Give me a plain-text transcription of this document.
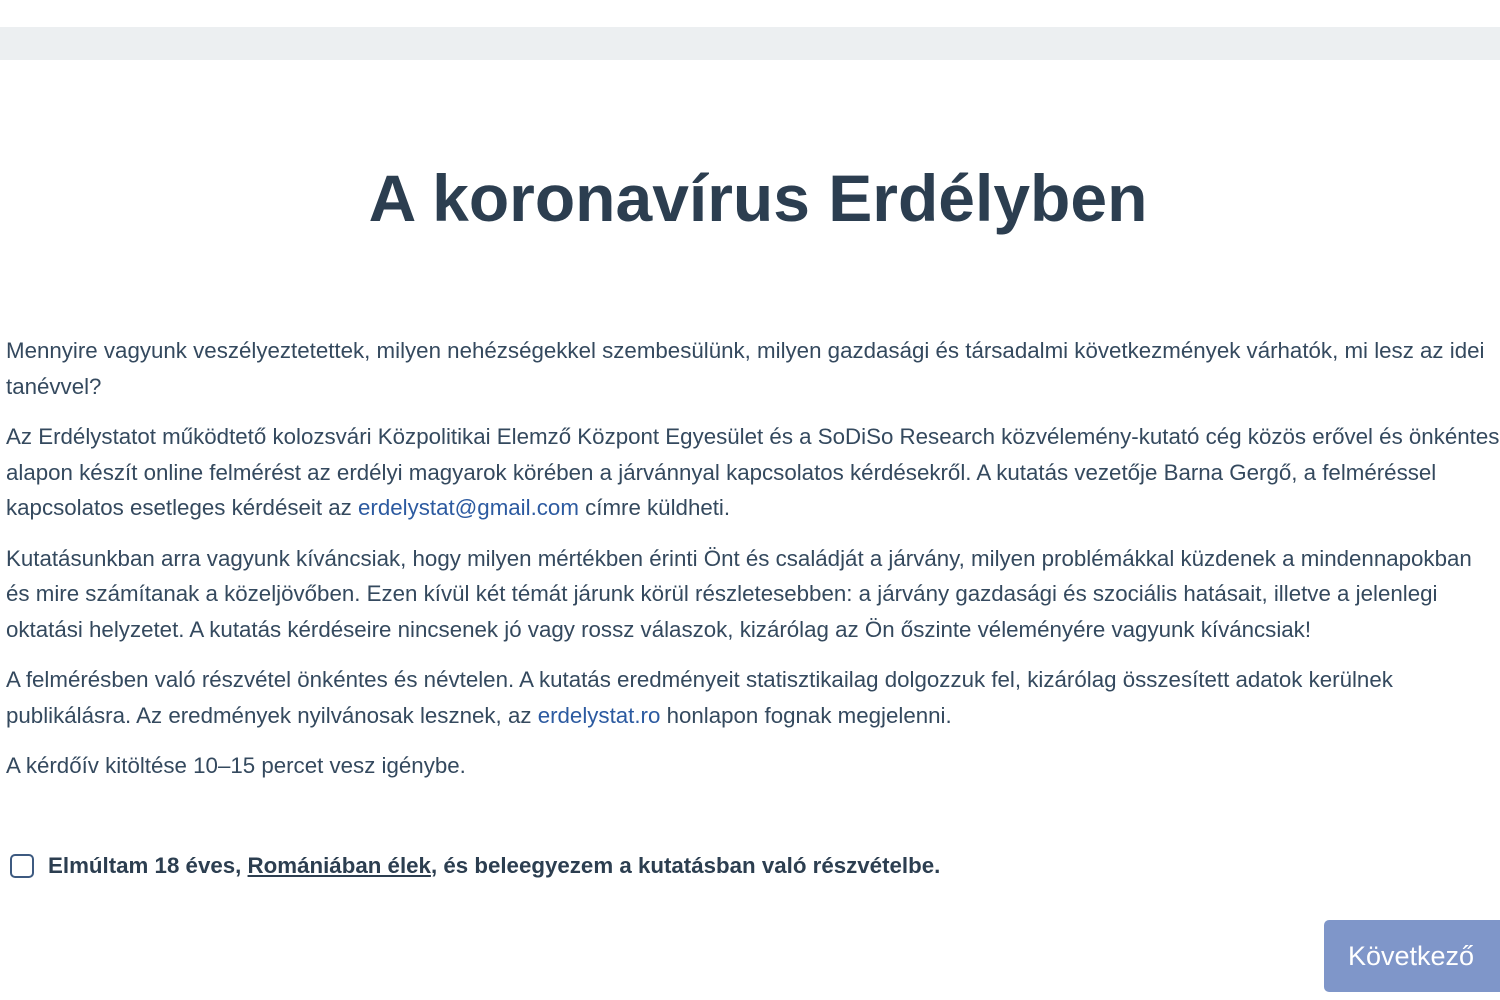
A koronavírus Erdélyben

Mennyire vagyunk veszélyeztetettek, milyen nehézségekkel szembesülünk, milyen gazdasági és társadalmi következmények várhatók, mi lesz az idei tanévvel?

Az Erdélystatot működtető kolozsvári Közpolitikai Elemző Központ Egyesület és a SoDiSo Research közvélemény-kutató cég közös erővel és önkéntes alapon készít online felmérést az erdélyi magyarok körében a járvánnyal kapcsolatos kérdésekről. A kutatás vezetője Barna Gergő, a felméréssel kapcsolatos esetleges kérdéseit az erdelystat@gmail.com címre küldheti.

Kutatásunkban arra vagyunk kíváncsiak, hogy milyen mértékben érinti Önt és családját a járvány, milyen problémákkal küzdenek a mindennapokban és mire számítanak a közeljövőben. Ezen kívül két témát járunk körül részletesebben: a járvány gazdasági és szociális hatásait, illetve a jelenlegi oktatási helyzetet. A kutatás kérdéseire nincsenek jó vagy rossz válaszok, kizárólag az Ön őszinte véleményére vagyunk kíváncsiak!

A felmérésben való részvétel önkéntes és névtelen. A kutatás eredményeit statisztikailag dolgozzuk fel, kizárólag összesített adatok kerülnek publikálásra. Az eredmények nyilvánosak lesznek, az erdelystat.ro honlapon fognak megjelenni.

A kérdőív kitöltése 10–15 percet vesz igénybe.

Elmúltam 18 éves, Romániában élek, és beleegyezem a kutatásban való részvételbe.
Következő
